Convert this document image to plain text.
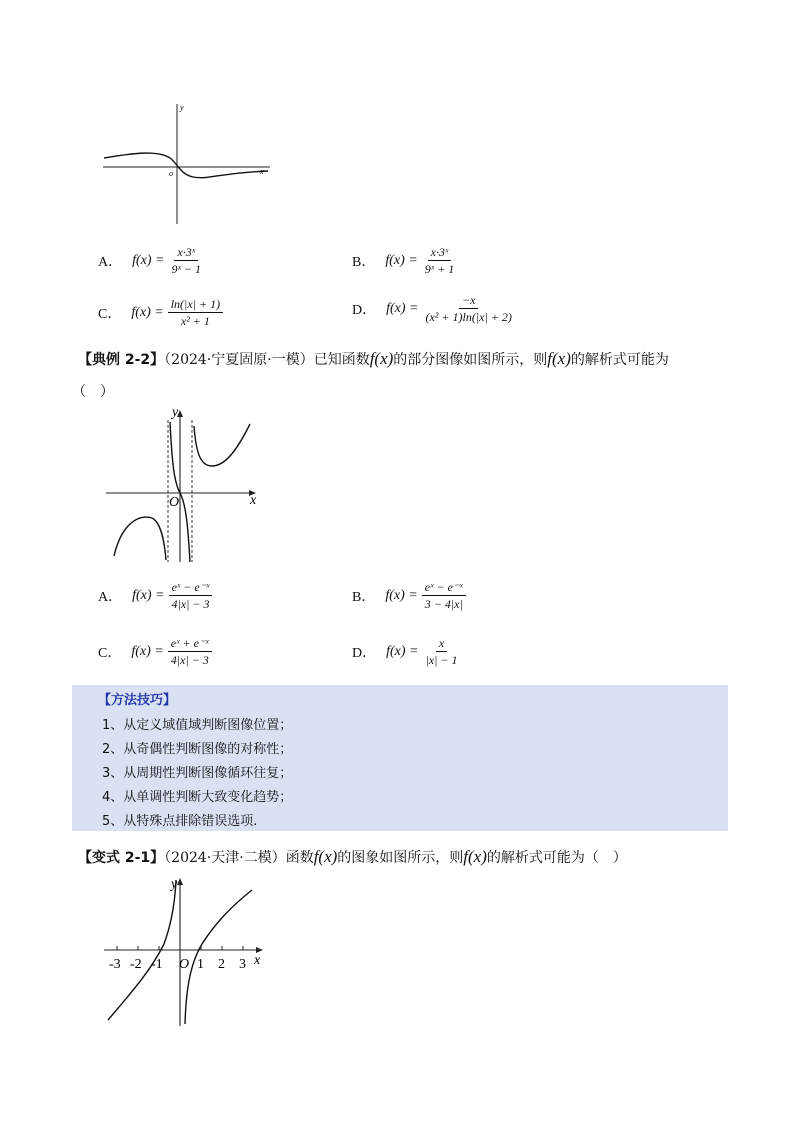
y
o	x
A． $f(x) = \frac{\text{x·3ˣ}}{\text{9ˣ − 1}}$	B． $f(x) = \frac{\text{x·3ˣ}}{\text{9ˣ + 1}}$
C． $f(x) = \frac{\ln(|x| + 1)}{\text{x² + 1}}$	D． $f(x) = \frac{-x}{\text{(x² + 1)ln(|x| + 2)}}$
【典例 2-2】（2024·宁夏固原·一模）已知函数f(x)的部分图像如图所示，则f(x)的解析式可能为
（　）
y
O	x
A． $f(x) = \frac{\text{eˣ − e⁻ˣ}}{4|x| - 3}$	B． $f(x) = \frac{\text{eˣ − e⁻ˣ}}{3 - 4|x|}$
C． $f(x) = \frac{\text{eˣ + e⁻ˣ}}{4|x| - 3}$	D． $f(x) = \frac{x}{|x| - 1}$
【方法技巧】
1、从定义域值域判断图像位置；
2、从奇偶性判断图像的对称性；
3、从周期性判断图像循环往复；
4、从单调性判断大致变化趋势；
5、从特殊点排除错误选项.
【变式 2-1】（2024·天津·二模）函数f(x)的图象如图所示，则f(x)的解析式可能为（　）
y
O	x
-3 -2 -1 1 2 3
